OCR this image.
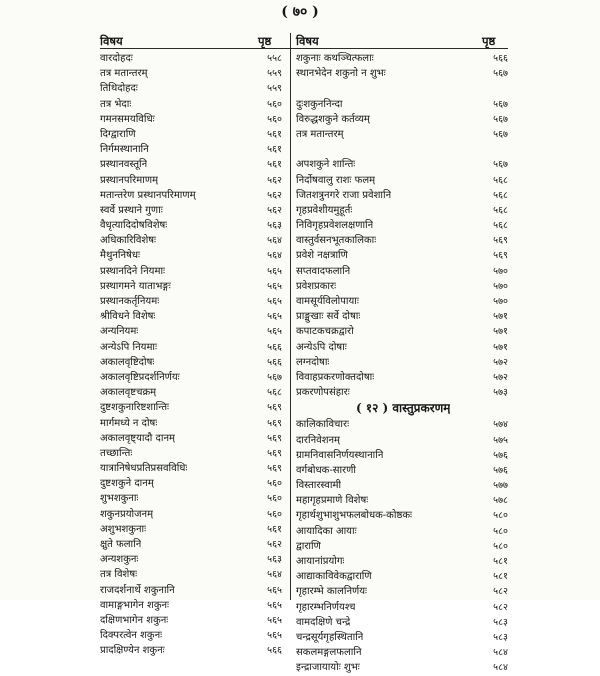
( ७० )
विषय	पृष्ठ विषय	पृष्ठ
वारदोहदः	५५८
तत्र मतान्तरम्	५५९
तिथिदोहदः	५५९
तत्र भेदाः	५६०
गमनसमयविधिः	५६०
दिग्द्वाराणि	५६१
निर्गमस्थानानि	५६१
प्रस्थानवस्तूनि	५६१
प्रस्थानपरिमाणम्	५६२
मतान्तरेण प्रस्थानपरिमाणम्	५६२
स्वर्वे प्रस्थाने गुणाः	५६२
वैधृत्यादिदोषविशेषः	५६३
अधिकारिविशेषः	५६४
मैथुननिषेधः	५६४
प्रस्थानदिने नियमाः	५६५
प्रस्थागमने याताभङ्गः	५६५
प्रस्थानकर्तृनियमः	५६५
श्रीविधने विशेषः	५६५
अन्यनियमः	५६५
अन्येऽपि नियमाः	५६६
अकालवृष्टिदोषः	५६६
अकालवृष्टिप्रदर्शनिर्णयः	५६७
अकालवृष्टचक्रम्	५६८
दुष्टशकुनारिष्टशान्तिः	५६९
मार्गमध्ये न दोषः	५६९
अकालवृष्ट्यादौ दानम्	५६९
तच्छान्तिः	५६९
यात्रानिषेधप्रतिप्रसवविधिः	५६९
दुष्टशकुने दानम्	५६०
शुभशकुनाः	५६०
शकुनप्रयोजनम्	५६०
अशुभशकुनाः	५६१
क्षुते फलानि	५६२
अन्यशकुनः	५६३
तत्र विशेषः	५६४
राजदर्शनार्थे शकुनानि	५६५
वामाङ्गभागेन शकुनः	५६५
दक्षिणभागेन शकुनः	५६५
दिक्परत्वेन शकुनः	५६५
प्रादक्षिण्येन शकुनः	५६६
शकुनाः कथञ्चित्फलाः	५६६
स्थानभेदेन शकुनो न शुभः	५६७
दुःशकुननिन्दा	५६७
विरुद्धशकुने कर्तव्यम्	५६७
तत्र मतान्तरम्	५६७
अपशकुने शान्तिः	५६७
निर्दोषवालु राशः फलम्	५६८
जितशत्रुनगरे राजा प्रवेशानि	५६८
गृहप्रवेशीयमुहूर्तः	५६८
निविगृहप्रवेशलक्षणानि	५६८
वास्तुर्वसनभूतकालिकाः	५६९
प्रवेशे नक्षत्राणि	५६९
सप्तवादफलानि	५७०
प्रवेशप्रकारः	५७०
वामसूर्यविलोपायाः	५७०
प्राङ्मुखाः सर्वे दोषाः	५७१
कपाटकचक्रद्वारो	५७१
अन्येऽपि दोषाः	५७१
लग्नदोषाः	५७२
विवाहप्रकरणोक्तदोषाः	५७२
प्रकरणोपसंहारः	५७३
( १२ ) वास्तुप्रकरणम्
कालिकाविचारः	५७४
दारनिवेशनम्	५७५
ग्रामनिवासनिर्णयस्थानानि	५७६
वर्गबोधक-सारणी	५७६
विस्तारस्वामी	५७७
महागृहप्रमाणे विशेषः	५७८
गृहार्थशुभाशुभफलबोधक-कोष्ठकः	५८०
आयादिका आयाः	५८०
द्वाराणि	५८०
आयानांप्रयोगः	५८१
आद्याकाविवेकद्वाराणि	५८१
गृहारम्भे कालनिर्णयः	५८२
गृहारम्भनिर्णयश्च	५८२
वामदक्षिणे चन्द्रे	५८३
चन्द्रसूर्यगृहस्थितानि	५८३
सकलमङ्गलफलानि	५८४
इन्द्राजायायोः शुभः	५८४
